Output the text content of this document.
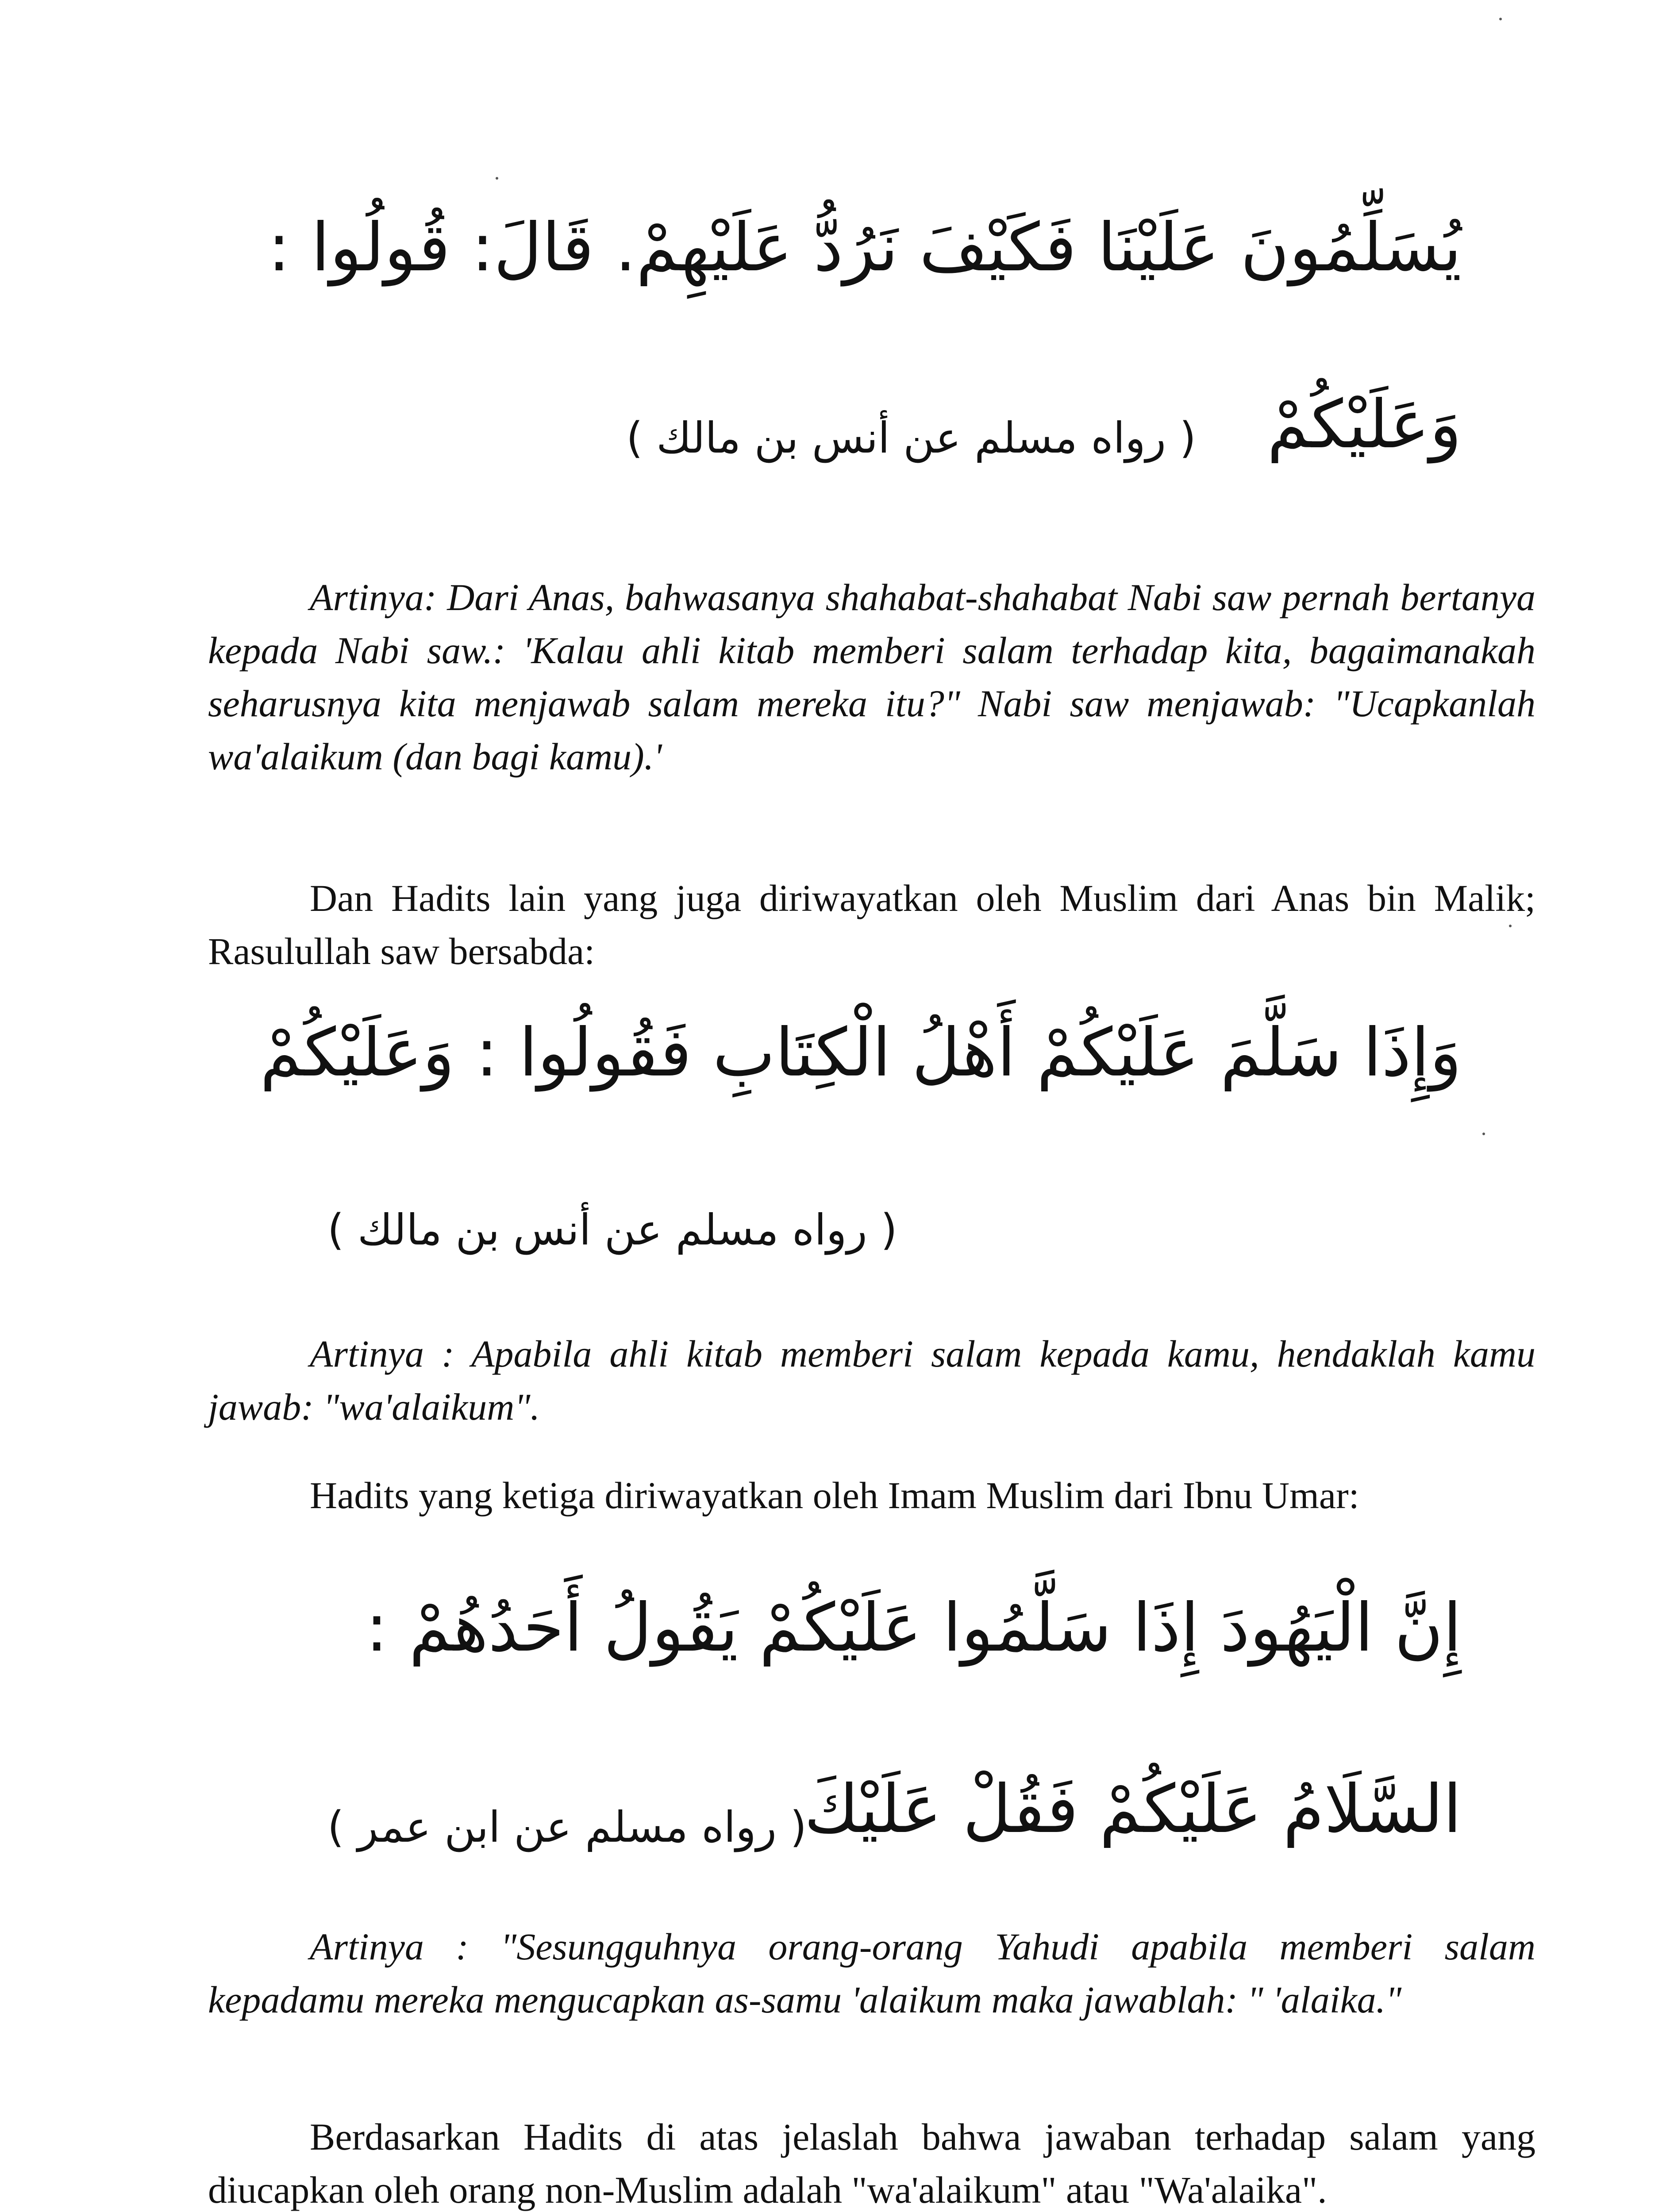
يُسَلِّمُونَ عَلَيْنَا فَكَيْفَ نَرُدُّ عَلَيْهِمْ. قَالَ: قُولُوا :
وَعَلَيْكُمْ
( رواه مسلم عن أنس بن مالك )
Artinya: Dari Anas, bahwasanya shahabat-shahabat Nabi saw pernah bertanya kepada Nabi saw.: 'Kalau ahli kitab memberi salam terhadap kita, bagaimanakah seharusnya kita menjawab salam mereka itu?" Nabi saw menjawab: "Ucapkanlah wa'alaikum (dan bagi kamu).'
Dan Hadits lain yang juga diriwayatkan oleh Muslim dari Anas bin Malik; Rasulullah saw bersabda:
وَإِذَا سَلَّمَ عَلَيْكُمْ أَهْلُ الْكِتَابِ فَقُولُوا : وَعَلَيْكُمْ
( رواه مسلم عن أنس بن مالك )
Artinya : Apabila ahli kitab memberi salam kepada kamu, hendaklah kamu jawab: "wa'alaikum".
Hadits yang ketiga diriwayatkan oleh Imam Muslim dari Ibnu Umar:
إِنَّ الْيَهُودَ إِذَا سَلَّمُوا عَلَيْكُمْ يَقُولُ أَحَدُهُمْ :
السَّلَامُ عَلَيْكُمْ فَقُلْ عَلَيْكَ
( رواه مسلم عن ابن عمر )
Artinya : "Sesungguhnya orang-orang Yahudi apabila memberi salam kepadamu mereka mengucapkan as-samu 'alaikum maka jawablah: " 'alaika."
Berdasarkan Hadits di atas jelaslah bahwa jawaban terhadap salam yang diucapkan oleh orang non-Muslim adalah "wa'alaikum" atau "Wa'alaika".
